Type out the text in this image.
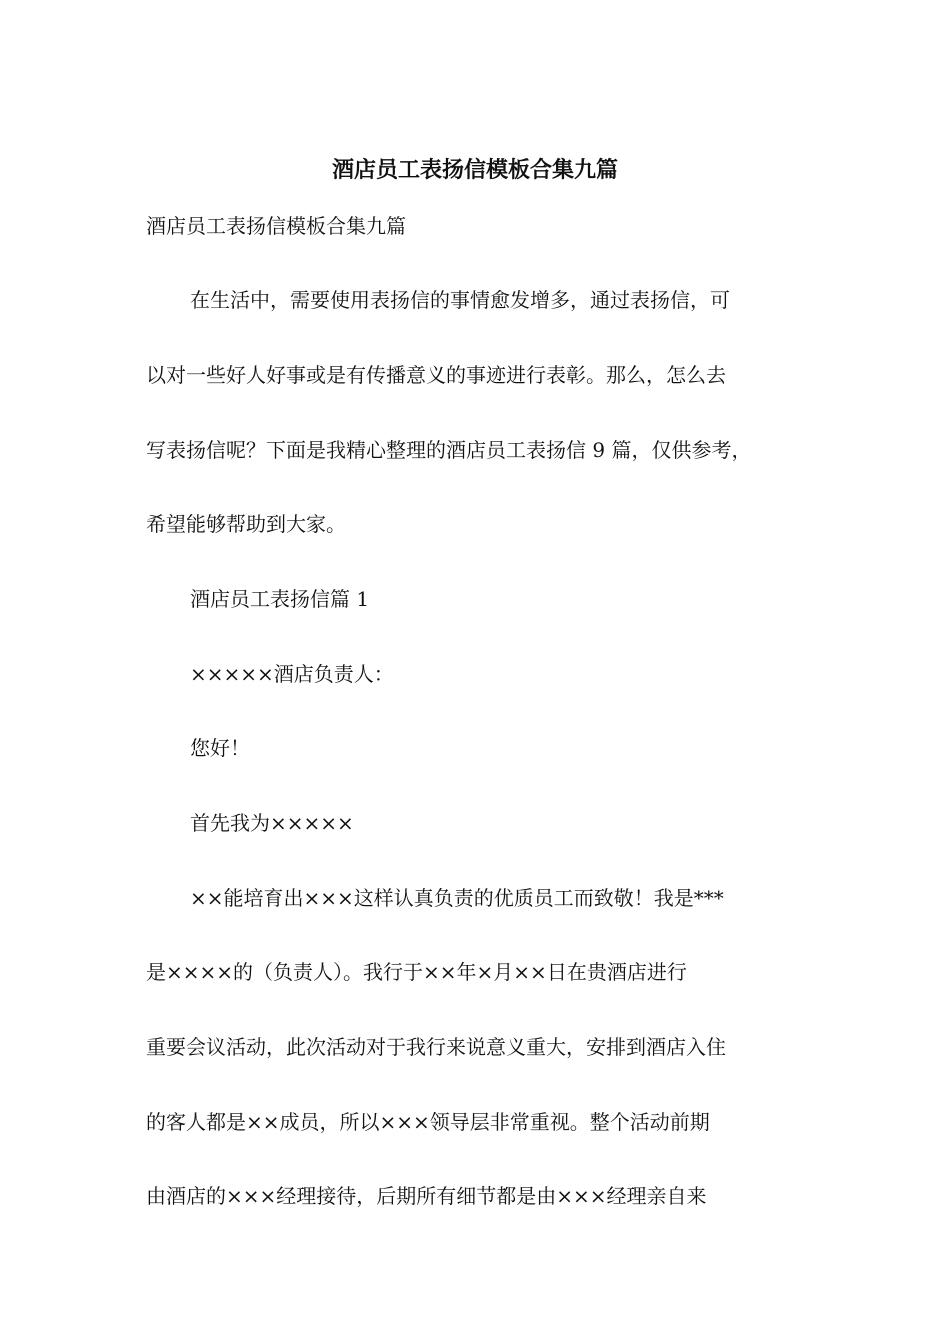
酒店员工表扬信模板合集九篇
酒店员工表扬信模板合集九篇
在生活中，需要使用表扬信的事情愈发增多，通过表扬信，可
以对一些好人好事或是有传播意义的事迹进行表彰。那么，怎么去
写表扬信呢？下面是我精心整理的酒店员工表扬信 9 篇，仅供参考，
希望能够帮助到大家。
酒店员工表扬信篇 1
×××××酒店负责人：
您好！
首先我为×××××
××能培育出×××这样认真负责的优质员工而致敬！我是***
是××××的（负责人）。我行于××年×月××日在贵酒店进行
重要会议活动，此次活动对于我行来说意义重大，安排到酒店入住
的客人都是××成员，所以×××领导层非常重视。整个活动前期
由酒店的×××经理接待，后期所有细节都是由×××经理亲自来
